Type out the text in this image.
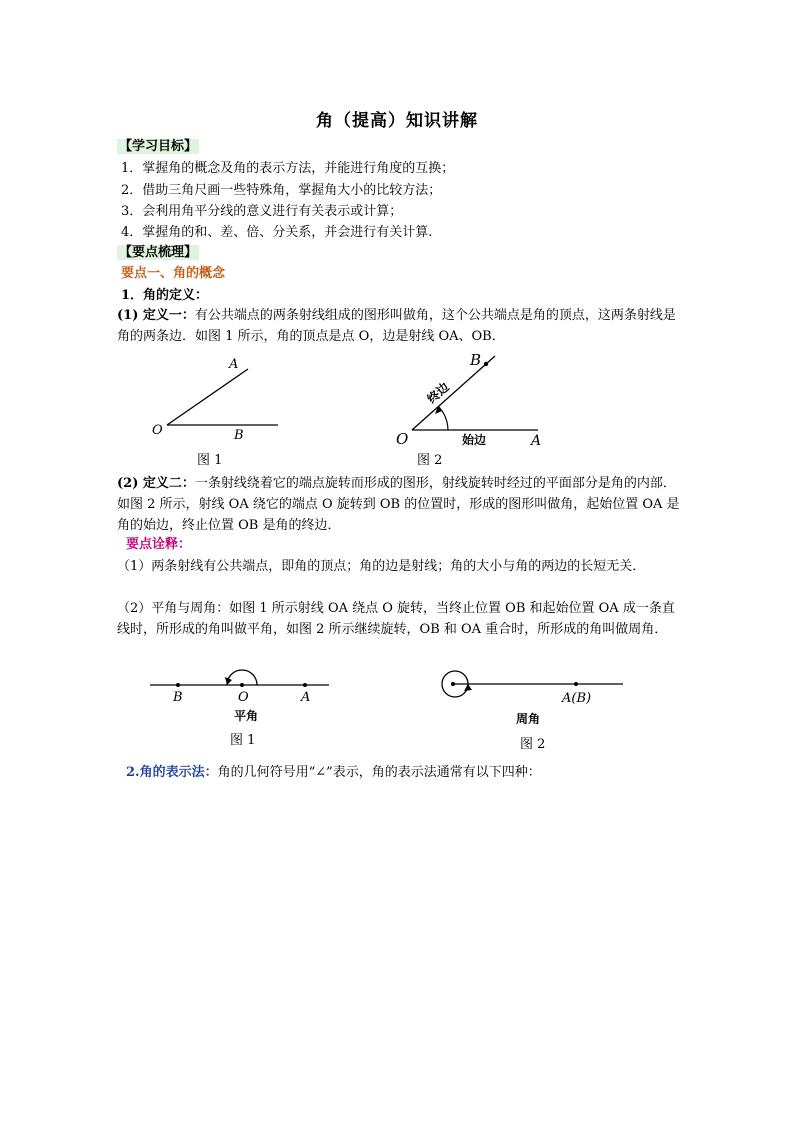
角（提高）知识讲解
【学习目标】
1．掌握角的概念及角的表示方法，并能进行角度的互换；
2．借助三角尺画一些特殊角，掌握角大小的比较方法；
3．会利用角平分线的意义进行有关表示或计算；
4．掌握角的和、差、倍、分关系，并会进行有关计算.
【要点梳理】
要点一、角的概念
1．角的定义：
(1) 定义一：有公共端点的两条射线组成的图形叫做角，这个公共端点是角的顶点，这两条射线是角的两条边．如图 1 所示，角的顶点是点 O，边是射线 OA、OB．
A
B
O
图 1
O	A
B
终边
始边
图 2
(2) 定义二：一条射线绕着它的端点旋转而形成的图形，射线旋转时经过的平面部分是角的内部．如图 2 所示，射线 OA 绕它的端点 O 旋转到 OB 的位置时，形成的图形叫做角，起始位置 OA 是角的始边，终止位置 OB 是角的终边．
要点诠释：
（1）两条射线有公共端点，即角的顶点；角的边是射线；角的大小与角的两边的长短无关．
（2）平角与周角：如图 1 所示射线 OA 绕点 O 旋转，当终止位置 OB 和起始位置 OA 成一条直线时，所形成的角叫做平角，如图 2 所示继续旋转，OB 和 OA 重合时，所形成的角叫做周角．
B	O	A
平角
图 1
A(B)
周角
图 2
2.角的表示法：角的几何符号用“∠”表示，角的表示法通常有以下四种：
